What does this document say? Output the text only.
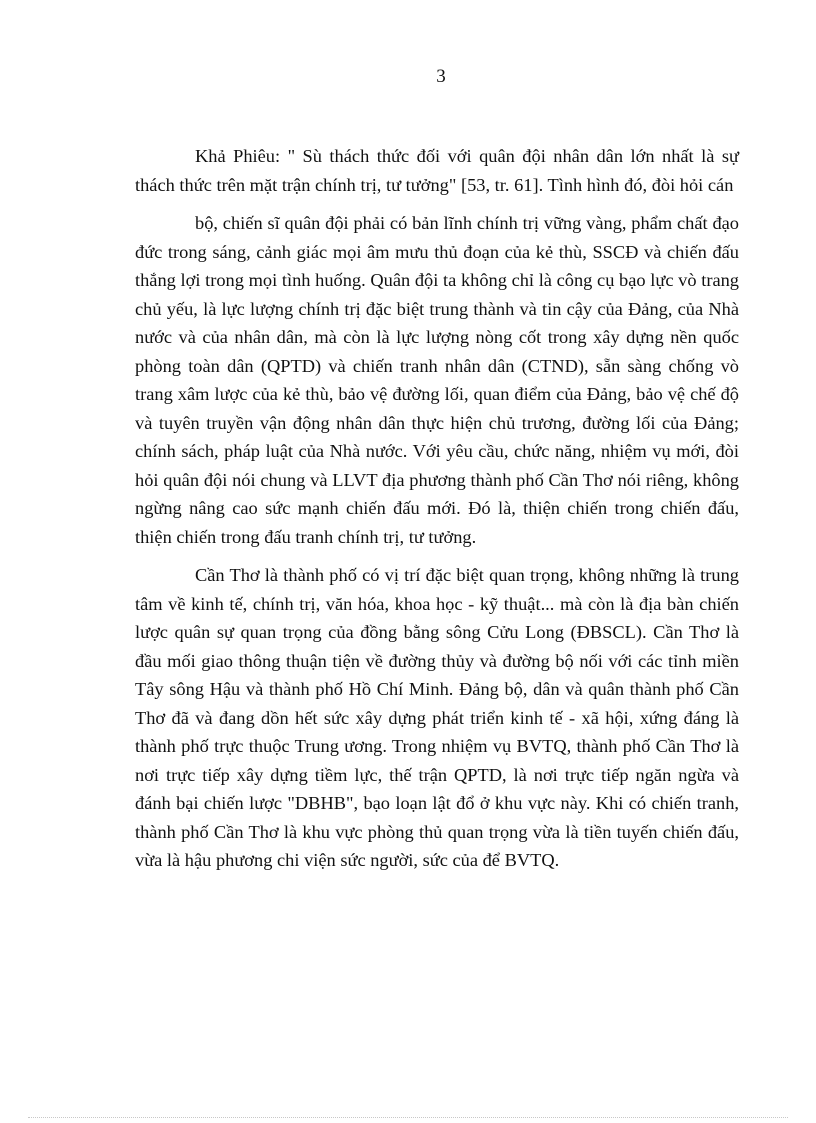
3

Khả Phiêu: " Sù thách thức đối với quân đội nhân dân lớn nhất là sự thách thức trên mặt trận chính trị, tư tưởng" [53, tr. 61]. Tình hình đó, đòi hỏi cán

bộ, chiến sĩ quân đội phải có bản lĩnh chính trị vững vàng, phẩm chất đạo đức trong sáng, cảnh giác mọi âm mưu thủ đoạn của kẻ thù, SSCĐ và chiến đấu thắng lợi trong mọi tình huống. Quân đội ta không chỉ là công cụ bạo lực vò trang chủ yếu, là lực lượng chính trị đặc biệt trung thành và tin cậy của Đảng, của Nhà nước và của nhân dân, mà còn là lực lượng nòng cốt trong xây dựng nền quốc phòng toàn dân (QPTD) và chiến tranh nhân dân (CTND), sẵn sàng chống vò trang xâm lược của kẻ thù, bảo vệ đường lối, quan điểm của Đảng, bảo vệ chế độ và tuyên truyền vận động nhân dân thực hiện chủ trương, đường lối của Đảng; chính sách, pháp luật của Nhà nước. Với yêu cầu, chức năng, nhiệm vụ mới, đòi hỏi quân đội nói chung và LLVT địa phương thành phố Cần Thơ nói riêng, không ngừng nâng cao sức mạnh chiến đấu mới. Đó là, thiện chiến trong chiến đấu, thiện chiến trong đấu tranh chính trị, tư tưởng.

Cần Thơ là thành phố có vị trí đặc biệt quan trọng, không những là trung tâm về kinh tế, chính trị, văn hóa, khoa học - kỹ thuật... mà còn là địa bàn chiến lược quân sự quan trọng của đồng bằng sông Cửu Long (ĐBSCL). Cần Thơ là đầu mối giao thông thuận tiện về đường thủy và đường bộ nối với các tỉnh miền Tây sông Hậu và thành phố Hồ Chí Minh. Đảng bộ, dân và quân thành phố Cần Thơ đã và đang dồn hết sức xây dựng phát triển kinh tế - xã hội, xứng đáng là thành phố trực thuộc Trung ương. Trong nhiệm vụ BVTQ, thành phố Cần Thơ là nơi trực tiếp xây dựng tiềm lực, thế trận QPTD, là nơi trực tiếp ngăn ngừa và đánh bại chiến lược "DBHB", bạo loạn lật đổ ở khu vực này. Khi có chiến tranh, thành phố Cần Thơ là khu vực phòng thủ quan trọng vừa là tiền tuyến chiến đấu, vừa là hậu phương chi viện sức người, sức của để BVTQ.
